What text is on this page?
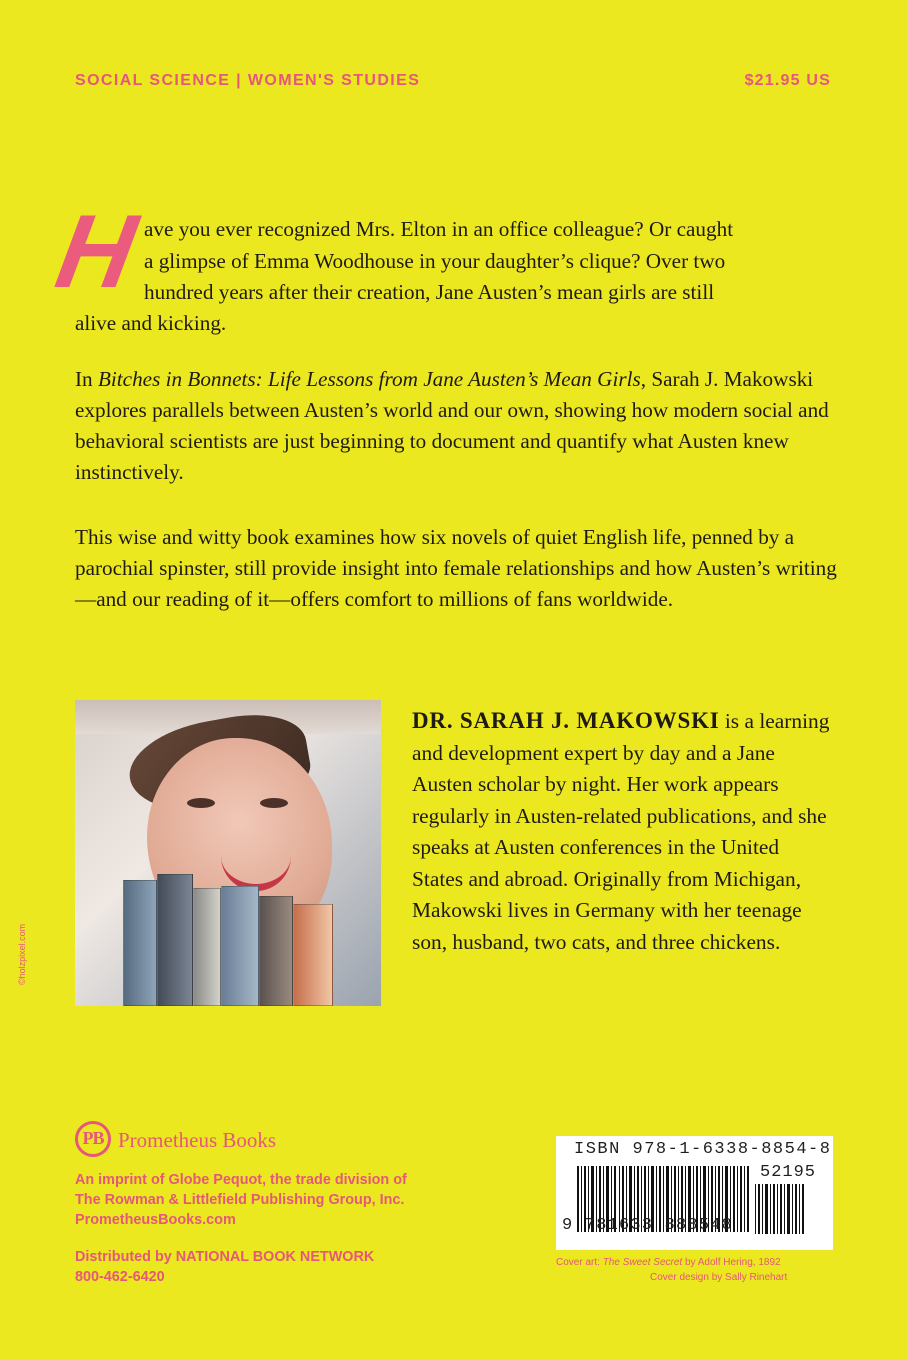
SOCIAL SCIENCE | WOMEN'S STUDIES	$21.95 US
H ave you ever recognized Mrs. Elton in an office colleague? Or caught
a glimpse of Emma Woodhouse in your daughter’s clique? Over two
hundred years after their creation, Jane Austen’s mean girls are still
alive and kicking.
In Bitches in Bonnets: Life Lessons from Jane Austen’s Mean Girls, Sarah J. Makowski explores parallels between Austen’s world and our own, showing how modern social and behavioral scientists are just beginning to document and quantify what Austen knew instinctively.
This wise and witty book examines how six novels of quiet English life, penned by a parochial spinster, still provide insight into female relationships and how Austen’s writing—and our reading of it—offers comfort to millions of fans worldwide.
©holzpixel.com
DR. SARAH J. MAKOWSKI is a learning and development expert by day and a Jane Austen scholar by night. Her work appears regularly in Austen-related publications, and she speaks at Austen conferences in the United States and abroad. Originally from Michigan, Makowski lives in Germany with her teenage son, husband, two cats, and three chickens.
PB Prometheus Books
An imprint of Globe Pequot, the trade division of
The Rowman & Littlefield Publishing Group, Inc.
PrometheusBooks.com
Distributed by NATIONAL BOOK NETWORK
800-462-6420
ISBN 978-1-6338-8854-8
52195
9 781633 888548
Cover art: The Sweet Secret by Adolf Hering, 1892
Cover design by Sally Rinehart
